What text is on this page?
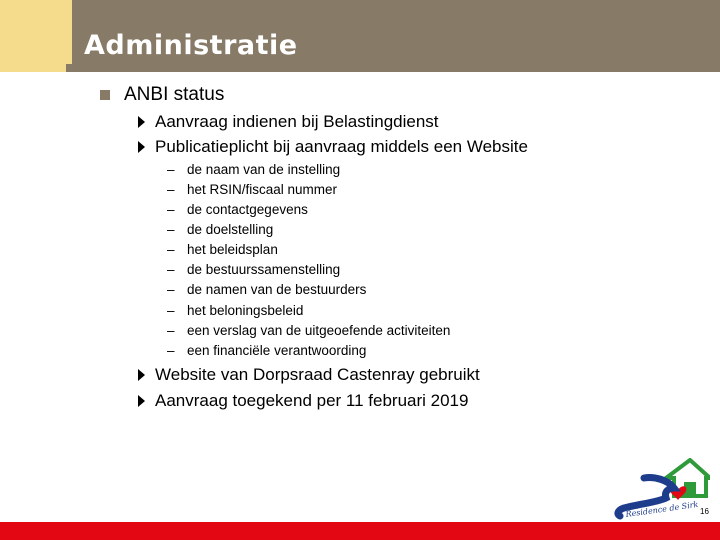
Administratie
ANBI status
Aanvraag indienen bij Belastingdienst
Publicatieplicht bij aanvraag middels een Website
– de naam van de instelling
– het RSIN/fiscaal nummer
– de contactgegevens
– de doelstelling
– het beleidsplan
– de bestuurssamenstelling
– de namen van de bestuurders
– het beloningsbeleid
– een verslag van de uitgeoefende activiteiten
– een financiële verantwoording
Website van Dorpsraad Castenray gebruikt
Aanvraag toegekend per 11 februari 2019
Residence de Sirk 16
